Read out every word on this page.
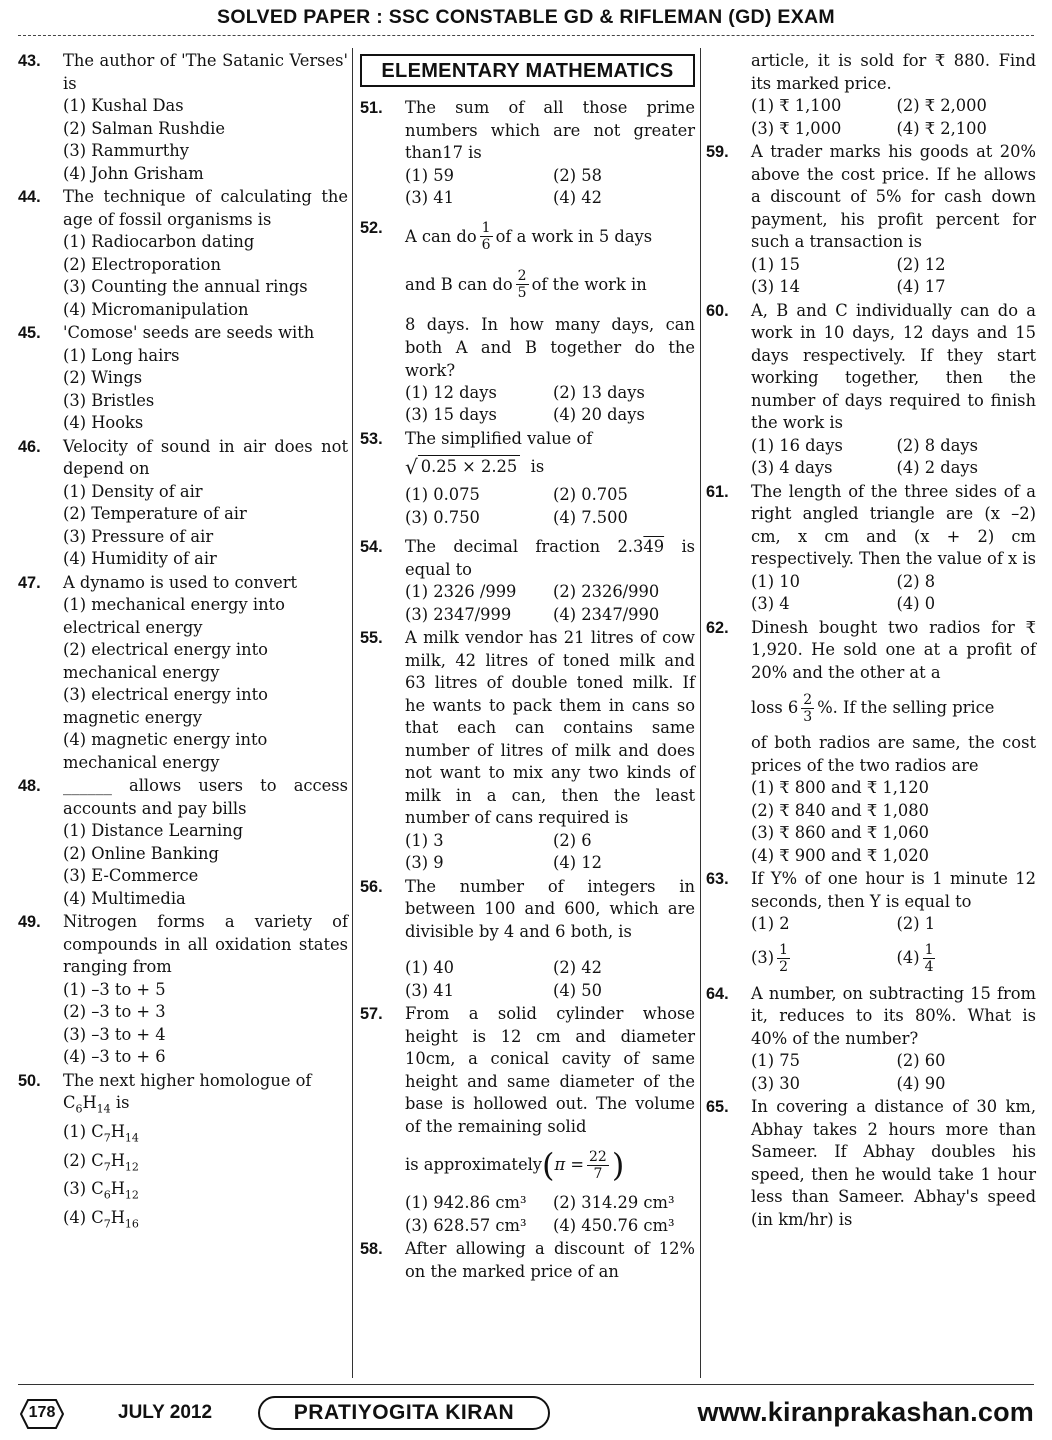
SOLVED PAPER : SSC CONSTABLE GD & RIFLEMAN (GD) EXAM
43. The author of 'The Satanic Verses' is
(1) Kushal Das
(2) Salman Rushdie
(3) Rammurthy
(4) John Grisham
44. The technique of calculating the age of fossil organisms is
(1) Radiocarbon dating
(2) Electroporation
(3) Counting the annual rings
(4) Micromanipulation
45. 'Comose' seeds are seeds with
(1) Long hairs
(2) Wings
(3) Bristles
(4) Hooks
46. Velocity of sound in air does not depend on
(1) Density of air
(2) Temperature of air
(3) Pressure of air
(4) Humidity of air
47. A dynamo is used to convert
(1) mechanical energy into electrical energy
(2) electrical energy into mechanical energy
(3) electrical energy into magnetic energy
(4) magnetic energy into mechanical energy
48. ______ allows users to access accounts and pay bills
(1) Distance Learning
(2) Online Banking
(3) E-Commerce
(4) Multimedia
49. Nitrogen forms a variety of compounds in all oxidation states ranging from
(1) –3 to + 5
(2) –3 to + 3
(3) –3 to + 4
(4) –3 to + 6
50. The next higher homologue of
$C_6H_{14}$ is
(1) $C_7H_{14}$
(2) $C_7H_{12}$
(3) $C_6H_{12}$
(4) $C_7H_{16}$
ELEMENTARY MATHEMATICS
51. The sum of all those prime numbers which are not greater than17 is
(1) 59	(2) 58
(3) 41	(4) 42
52. A can do $\frac{1}{6}$ of a work in 5 days
and B can do $\frac{2}{5}$ of the work in
8 days. In how many days, can both A and B together do the work?
(1) 12 days	(2) 13 days
(3) 15 days	(4) 20 days
53. The simplified value of
√ 0.25 × 2.25
is
(1) 0.075	(2) 0.705
(3) 0.750	(4) 7.500
54. The decimal fraction 2.349 is equal to
(1) 2326 /999	(2) 2326/990
(3) 2347/999	(4) 2347/990
55. A milk vendor has 21 litres of cow milk, 42 litres of toned milk and 63 litres of double toned milk. If he wants to pack them in cans so that each can contains same number of litres of milk and does not want to mix any two kinds of milk in a can, then the least number of cans required is
(1) 3	(2) 6
(3) 9	(4) 12
56. The number of integers in between 100 and 600, which are divisible by 4 and 6 both, is
(1) 40	(2) 42
(3) 41	(4) 50
57. From a solid cylinder whose height is 12 cm and diameter 10cm, a conical cavity of same height and same diameter of the base is hollowed out. The volume of the remaining solid
is approximately ( $\pi = \frac{22}{7}$ )
(1) 942.86 cm³	(2) 314.29 cm³
(3) 628.57 cm³	(4) 450.76 cm³
58. After allowing a discount of 12% on the marked price of an
article, it is sold for ₹ 880. Find its marked price.
(1) ₹ 1,100	(2) ₹ 2,000
(3) ₹ 1,000	(4) ₹ 2,100
59. A trader marks his goods at 20% above the cost price. If he allows a discount of 5% for cash down payment, his profit percent for such a transaction is
(1) 15	(2) 12
(3) 14	(4) 17
60. A, B and C individually can do a work in 10 days, 12 days and 15 days respectively. If they start working together, then the number of days required to finish the work is
(1) 16 days	(2) 8 days
(3) 4 days	(4) 2 days
61. The length of the three sides of a right angled triangle are (x –2) cm, x cm and (x + 2) cm respectively. Then the value of x is
(1) 10	(2) 8
(3) 4	(4) 0
62. Dinesh bought two radios for ₹ 1,920. He sold one at a profit of 20% and the other at a
loss
$6 \frac{2}{3}$ %. If the selling price
of both radios are same, the cost prices of the two radios are
(1) ₹ 800 and ₹ 1,120
(2) ₹ 840 and ₹ 1,080
(3) ₹ 860 and ₹ 1,060
(4) ₹ 900 and ₹ 1,020
63. If Y% of one hour is 1 minute 12 seconds, then Y is equal to
(1) 2	(2) 1
$(3) \frac{1}{2}$	$(4) \frac{1}{4}$
64. A number, on subtracting 15 from it, reduces to its 80%. What is 40% of the number?
(1) 75	(2) 60
(3) 30	(4) 90
65. In covering a distance of 30 km, Abhay takes 2 hours more than Sameer. If Abhay doubles his speed, then he would take 1 hour less than Sameer. Abhay's speed (in km/hr) is
178	JULY 2012	PRATIYOGITA KIRAN	www.kiranprakashan.com
